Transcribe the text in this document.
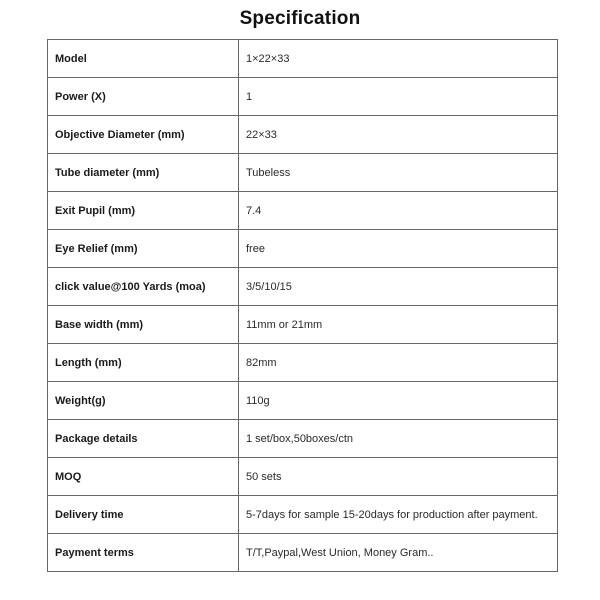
Specification
Model	1×22×33
Power (X)	1
Objective Diameter (mm)	22×33
Tube diameter (mm)	Tubeless
Exit Pupil (mm)	7.4
Eye Relief (mm)	free
click value@100 Yards (moa)	3/5/10/15
Base width (mm)	11mm or 21mm
Length (mm)	82mm
Weight(g)	110g
Package details	1 set/box,50boxes/ctn
MOQ	50 sets
Delivery time	5-7days for sample 15-20days for production after payment.
Payment terms	T/T,Paypal,West Union, Money Gram..
